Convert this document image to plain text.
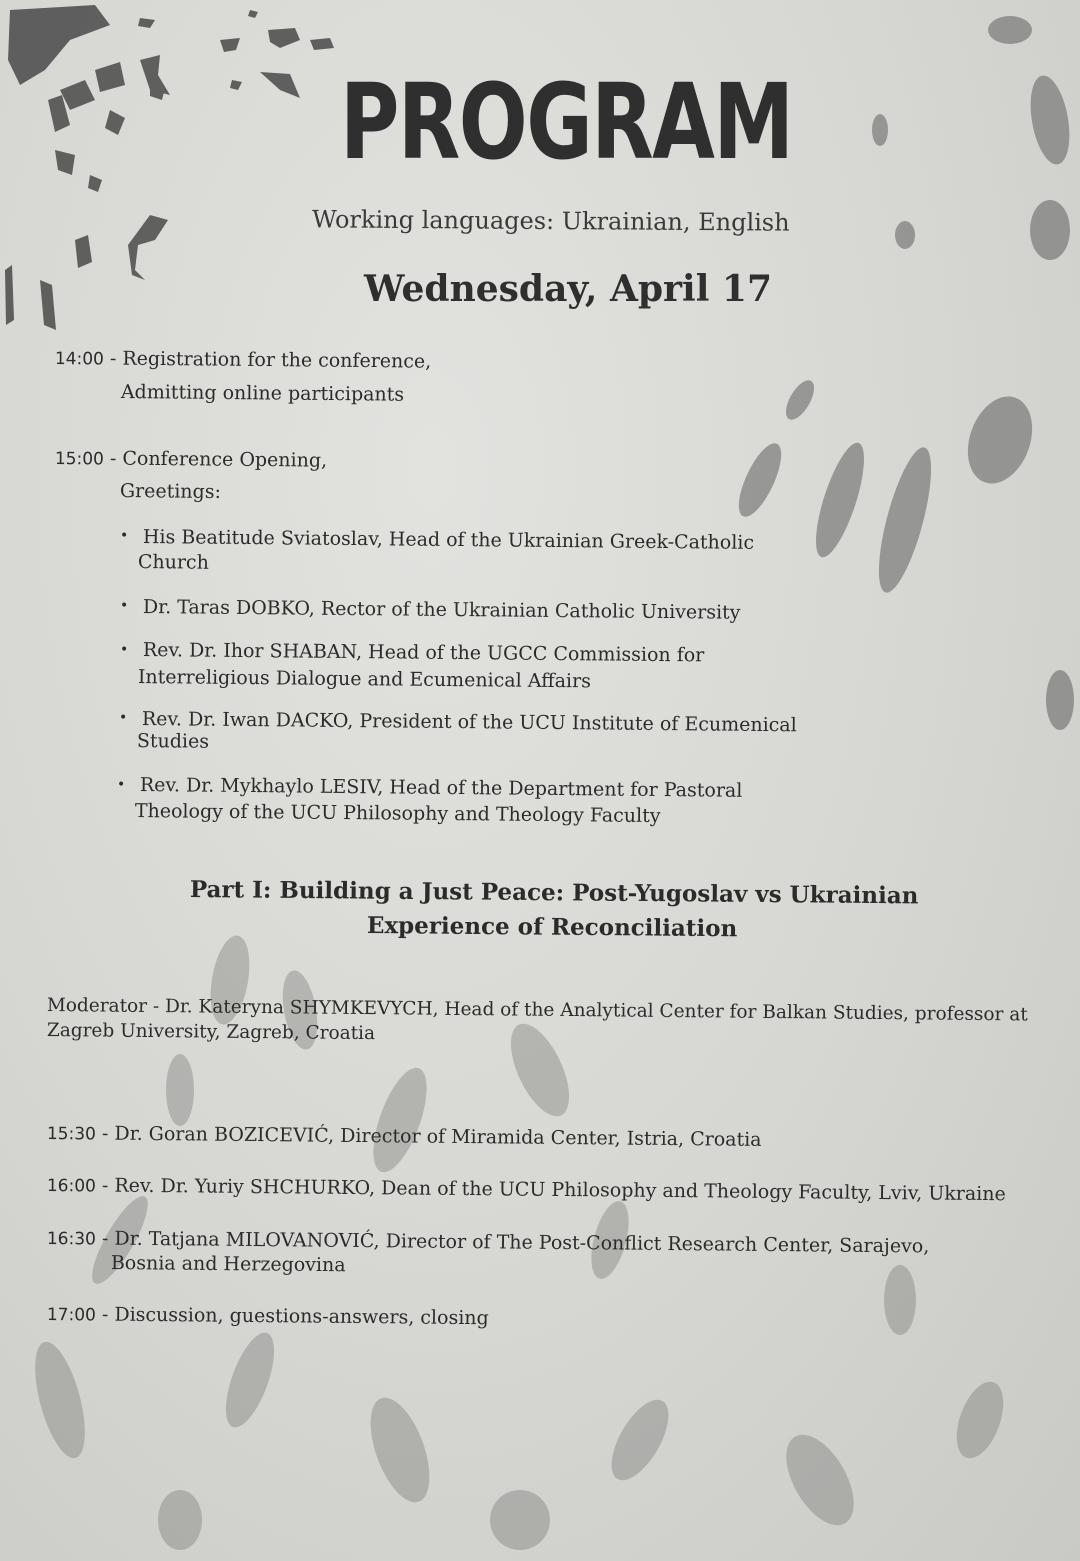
PROGRAM
Working languages: Ukrainian, English
Wednesday, April 17
14:00 - Registration for the conference,
Admitting online participants
15:00 - Conference Opening,
Greetings:
• His Beatitude Sviatoslav, Head of the Ukrainian Greek-Catholic
Church
• Dr. Taras DOBKO, Rector of the Ukrainian Catholic University
• Rev. Dr. Ihor SHABAN, Head of the UGCC Commission for
Interreligious Dialogue and Ecumenical Affairs
• Rev. Dr. Iwan DACKO, President of the UCU Institute of Ecumenical
Studies
• Rev. Dr. Mykhaylo LESIV, Head of the Department for Pastoral
Theology of the UCU Philosophy and Theology Faculty
Part I: Building a Just Peace: Post-Yugoslav vs Ukrainian
Experience of Reconciliation
Moderator - Dr. Kateryna SHYMKEVYCH, Head of the Analytical Center for Balkan Studies, professor at
Zagreb University, Zagreb, Croatia
15:30 - Dr. Goran BOZICEVIĆ, Director of Miramida Center, Istria, Croatia
16:00 - Rev. Dr. Yuriy SHCHURKO, Dean of the UCU Philosophy and Theology Faculty, Lviv, Ukraine
16:30 - Dr. Tatjana MILOVANOVIĆ, Director of The Post-Conflict Research Center, Sarajevo,
Bosnia and Herzegovina
17:00 - Discussion, guestions-answers, closing
